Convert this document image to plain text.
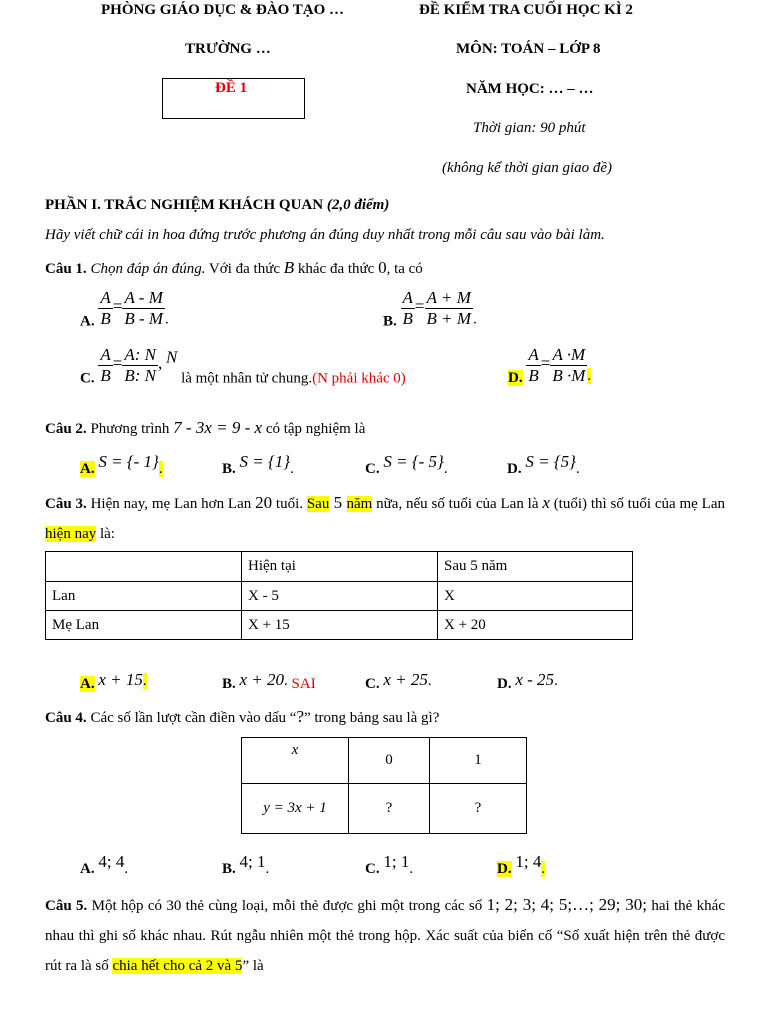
PHÒNG GIÁO DỤC & ĐÀO TẠO …
TRƯỜNG …
ĐỀ 1
ĐỀ KIỂM TRA CUỐI HỌC KÌ 2
MÔN: TOÁN – LỚP 8
NĂM HỌC: … – …
Thời gian: 90 phút
(không kể thời gian giao đề)
PHẦN I. TRẮC NGHIỆM KHÁCH QUAN (2,0 điểm)
Hãy viết chữ cái in hoa đứng trước phương án đúng duy nhất trong mỗi câu sau vào bài làm.
Câu 1. Chọn đáp án đúng. Với đa thức B khác đa thức 0, ta có
A. $\frac{A}{B} = \frac{A - M}{B - M}$ .	B. $\frac{A}{B} = \frac{A + M}{B + M}$ .
C. $\frac{A}{B} = \frac{A: N}{B: N}$ , N là một nhân tử chung.(N phải khác 0)	D. $\frac{A}{B} = \frac{A \cdot M}{B \cdot M}$ .
Câu 2. Phương trình 7 - 3x = 9 - x có tập nghiệm là
A. S = {- 1}.	B. S = {1}.	C. S = {- 5}.	D. S = {5}.
Câu 3. Hiện nay, mẹ Lan hơn Lan 20 tuổi. Sau 5 năm nữa, nếu số tuổi của Lan là x (tuổi) thì số tuổi của mẹ Lan hiện nay là:
	Hiện tại	Sau 5 năm
Lan	X - 5	X
Mẹ Lan	X + 15	X + 20
A. x + 15.	B. x + 20. SAI	C. x + 25.	D. x - 25.
Câu 4. Các số lần lượt cần điền vào dấu “?” trong bảng sau là gì?
x	0	1
y = 3x + 1	?	?
A. 4; 4.	B. 4; 1.	C. 1; 1.	D. 1; 4.
Câu 5. Một hộp có 30 thẻ cùng loại, mỗi thẻ được ghi một trong các số 1; 2; 3; 4; 5;…; 29; 30; hai thẻ khác nhau thì ghi số khác nhau. Rút ngẫu nhiên một thẻ trong hộp. Xác suất của biến cố “Số xuất hiện trên thẻ được rút ra là số chia hết cho cả 2 và 5” là
